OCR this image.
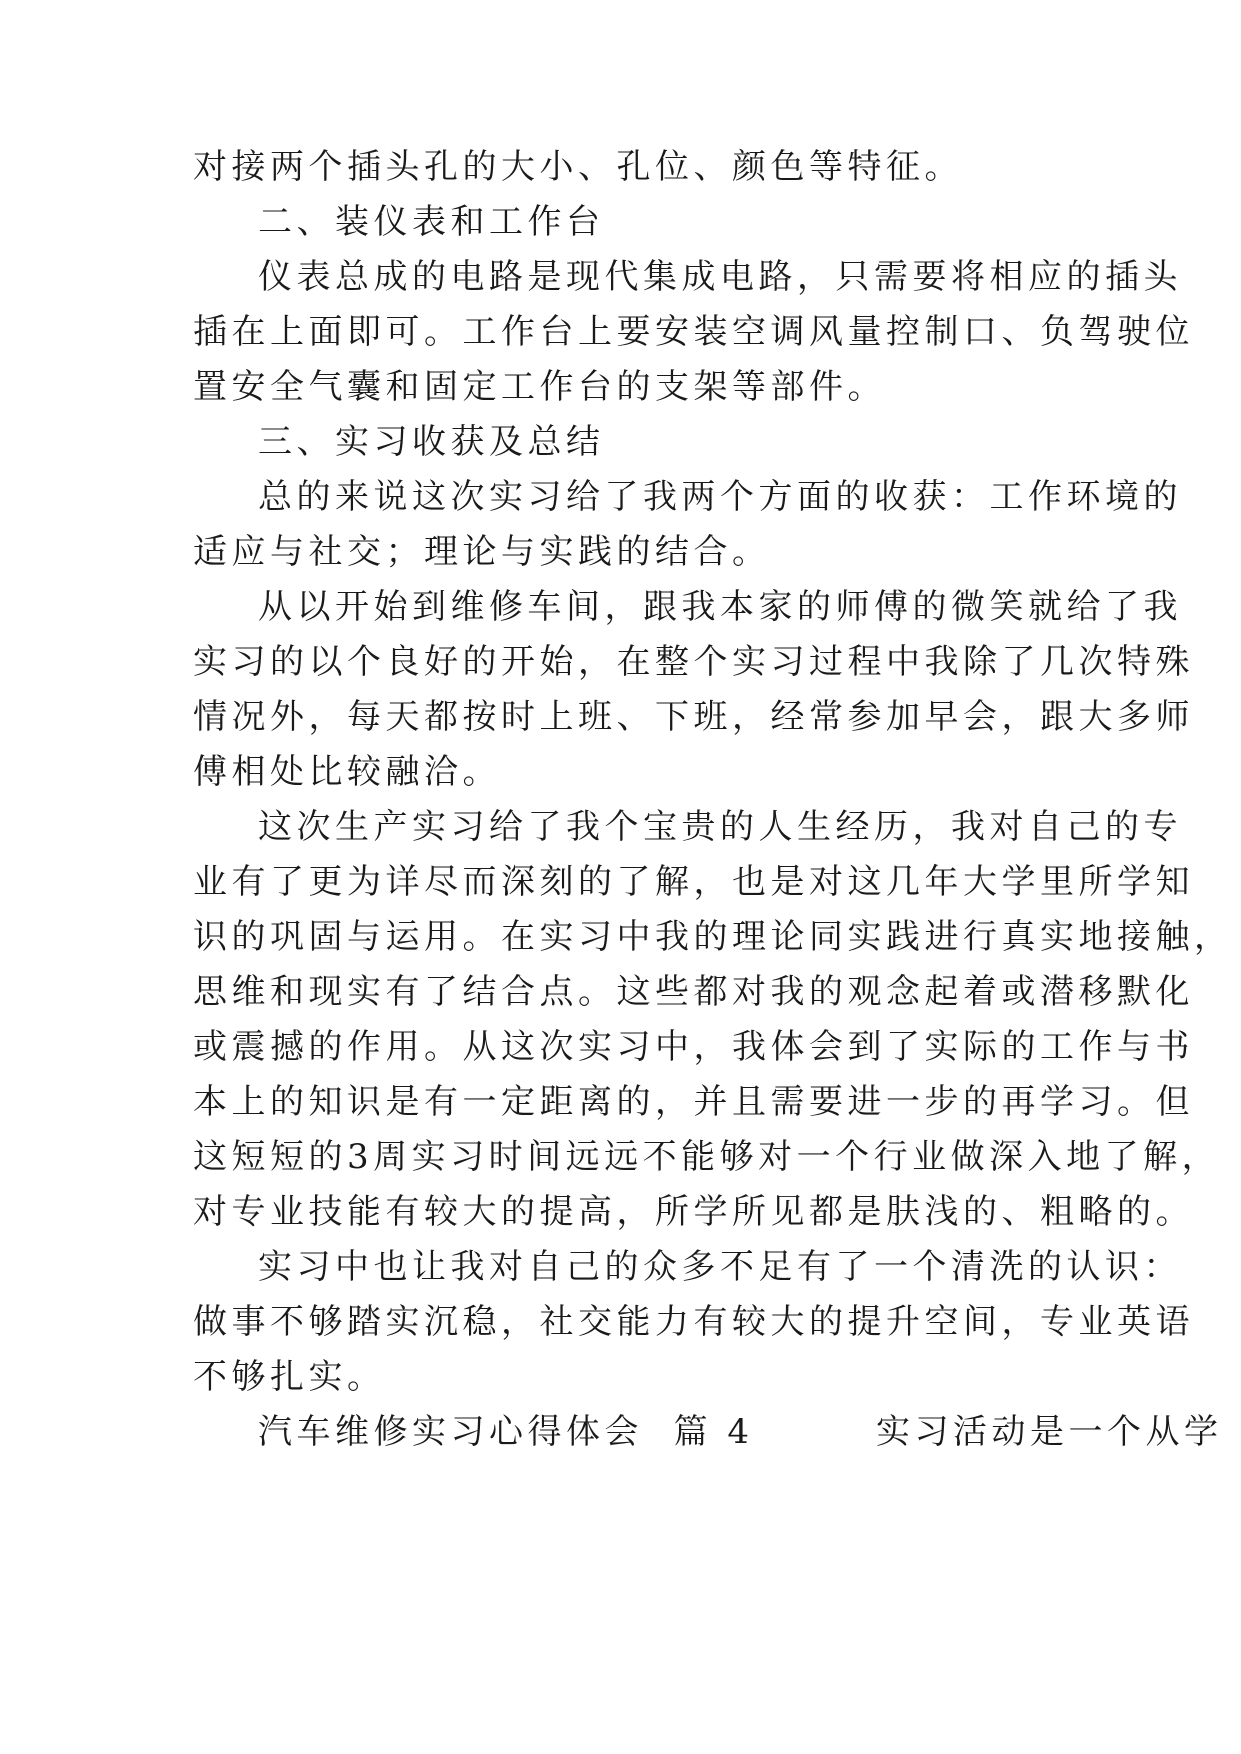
对接两个插头孔的大小、孔位、颜色等特征。
二、装仪表和工作台
仪表总成的电路是现代集成电路，只需要将相应的插头
插在上面即可。工作台上要安装空调风量控制口、负驾驶位
置安全气囊和固定工作台的支架等部件。
三、实习收获及总结
总的来说这次实习给了我两个方面的收获：工作环境的
适应与社交；理论与实践的结合。
从以开始到维修车间，跟我本家的师傅的微笑就给了我
实习的以个良好的开始，在整个实习过程中我除了几次特殊
情况外，每天都按时上班、下班，经常参加早会，跟大多师
傅相处比较融洽。
这次生产实习给了我个宝贵的人生经历，我对自己的专
业有了更为详尽而深刻的了解，也是对这几年大学里所学知
识的巩固与运用。在实习中我的理论同实践进行真实地接触，
思维和现实有了结合点。这些都对我的观念起着或潜移默化
或震撼的作用。从这次实习中，我体会到了实际的工作与书
本上的知识是有一定距离的，并且需要进一步的再学习。但
这短短的3周实习时间远远不能够对一个行业做深入地了解，
对专业技能有较大的提高，所学所见都是肤浅的、粗略的。
实习中也让我对自己的众多不足有了一个清洗的认识：
做事不够踏实沉稳，社交能力有较大的提升空间，专业英语
不够扎实。
汽车维修实习心得体会  篇 4        实习活动是一个从学
